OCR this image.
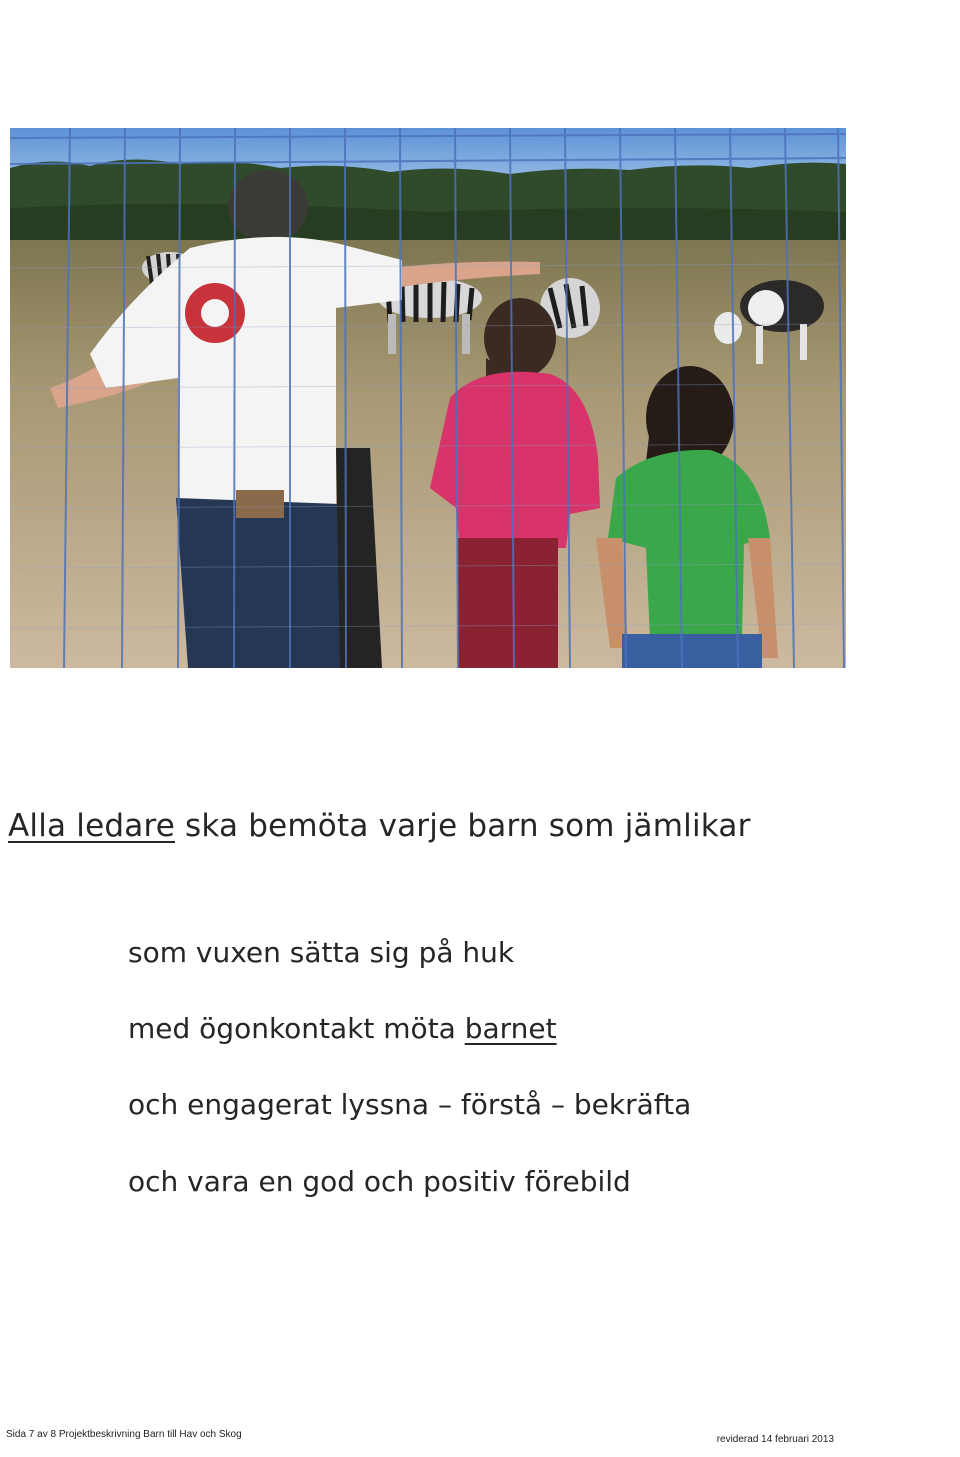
Alla ledare ska bemöta varje barn som jämlikar

som vuxen sätta sig på huk

med ögonkontakt möta barnet

och engagerat lyssna – förstå – bekräfta

och vara en god och positiv förebild

Sida 7 av 8 Projektbeskrivning Barn till Hav och Skog	reviderad 14 februari 2013
